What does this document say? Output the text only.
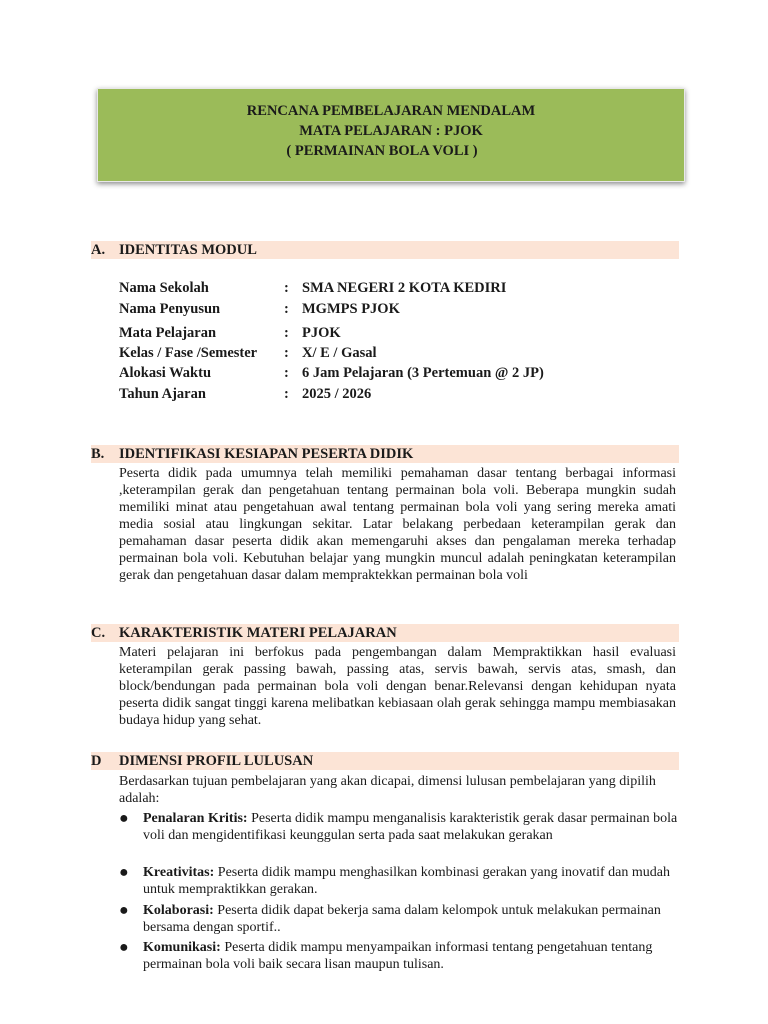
RENCANA PEMBELAJARAN MENDALAM
MATA PELAJARAN : PJOK
( PERMAINAN BOLA VOLI )
A. IDENTITAS MODUL
Nama Sekolah	: SMA NEGERI 2 KOTA KEDIRI
Nama Penyusun	: MGMPS PJOK
Mata Pelajaran	: PJOK
Kelas / Fase /Semester : X/ E / Gasal
Alokasi Waktu	: 6 Jam Pelajaran (3 Pertemuan @ 2 JP)
Tahun Ajaran	: 2025 / 2026
B. IDENTIFIKASI KESIAPAN PESERTA DIDIK
Peserta didik pada umumnya telah memiliki pemahaman dasar tentang berbagai informasi ,keterampilan gerak dan pengetahuan tentang permainan bola voli. Beberapa mungkin sudah memiliki minat atau pengetahuan awal tentang permainan bola voli yang sering mereka amati media sosial atau lingkungan sekitar. Latar belakang perbedaan keterampilan gerak dan pemahaman dasar peserta didik akan memengaruhi akses dan pengalaman mereka terhadap permainan bola voli. Kebutuhan belajar yang mungkin muncul adalah peningkatan keterampilan gerak dan pengetahuan dasar dalam mempraktekkan permainan bola voli
C. KARAKTERISTIK MATERI PELAJARAN
Materi pelajaran ini berfokus pada pengembangan dalam Mempraktikkan hasil evaluasi keterampilan gerak passing bawah, passing atas, servis bawah, servis atas, smash, dan block/bendungan pada permainan bola voli dengan benar.Relevansi dengan kehidupan nyata peserta didik sangat tinggi karena melibatkan kebiasaan olah gerak sehingga mampu membiasakan budaya hidup yang sehat.
D DIMENSI PROFIL LULUSAN
Berdasarkan tujuan pembelajaran yang akan dicapai, dimensi lulusan pembelajaran yang dipilih adalah:
● Penalaran Kritis: Peserta didik mampu menganalisis karakteristik gerak dasar permainan bola voli dan mengidentifikasi keunggulan serta pada saat melakukan gerakan
● Kreativitas: Peserta didik mampu menghasilkan kombinasi gerakan yang inovatif dan mudah untuk mempraktikkan gerakan.
● Kolaborasi: Peserta didik dapat bekerja sama dalam kelompok untuk melakukan permainan bersama dengan sportif..
● Komunikasi: Peserta didik mampu menyampaikan informasi tentang pengetahuan tentang permainan bola voli baik secara lisan maupun tulisan.
